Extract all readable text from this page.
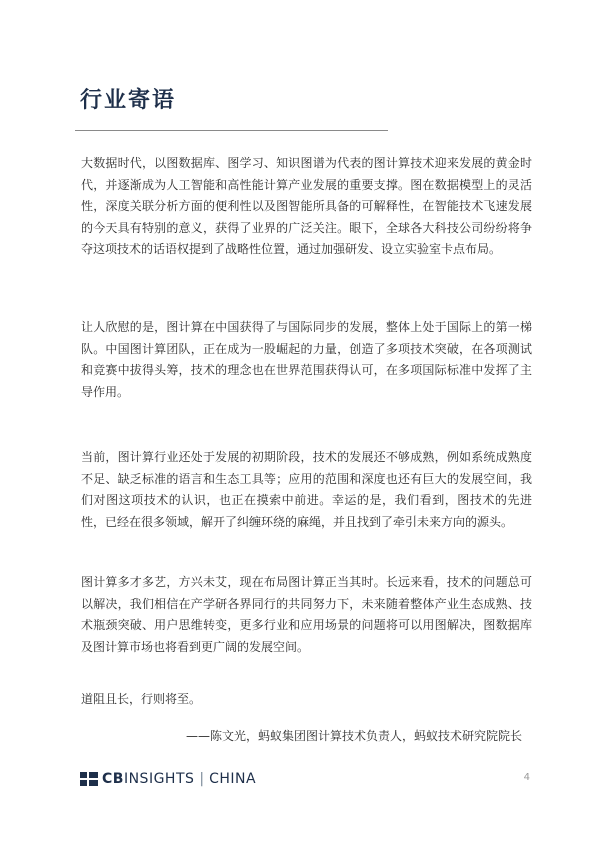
行业寄语

大数据时代，以图数据库、图学习、知识图谱为代表的图计算技术迎来发展的黄金时代，并逐渐成为人工智能和高性能计算产业发展的重要支撑。图在数据模型上的灵活性，深度关联分析方面的便利性以及图智能所具备的可解释性，在智能技术飞速发展的今天具有特别的意义，获得了业界的广泛关注。眼下，全球各大科技公司纷纷将争夺这项技术的话语权提到了战略性位置，通过加强研发、设立实验室卡点布局。

让人欣慰的是，图计算在中国获得了与国际同步的发展，整体上处于国际上的第一梯队。中国图计算团队，正在成为一股崛起的力量，创造了多项技术突破，在各项测试和竞赛中拔得头筹，技术的理念也在世界范围获得认可，在多项国际标准中发挥了主导作用。

当前，图计算行业还处于发展的初期阶段，技术的发展还不够成熟，例如系统成熟度不足、缺乏标准的语言和生态工具等；应用的范围和深度也还有巨大的发展空间，我们对图这项技术的认识，也正在摸索中前进。幸运的是，我们看到，图技术的先进性，已经在很多领域，解开了纠缠环绕的麻绳，并且找到了牵引未来方向的源头。

图计算多才多艺，方兴未艾，现在布局图计算正当其时。长远来看，技术的问题总可以解决，我们相信在产学研各界同行的共同努力下，未来随着整体产业生态成熟、技术瓶颈突破、用户思维转变，更多行业和应用场景的问题将可以用图解决，图数据库及图计算市场也将看到更广阔的发展空间。

道阻且长，行则将至。

——陈文光，蚂蚁集团图计算技术负责人，蚂蚁技术研究院院长

CB INSIGHTS | CHINA	4
